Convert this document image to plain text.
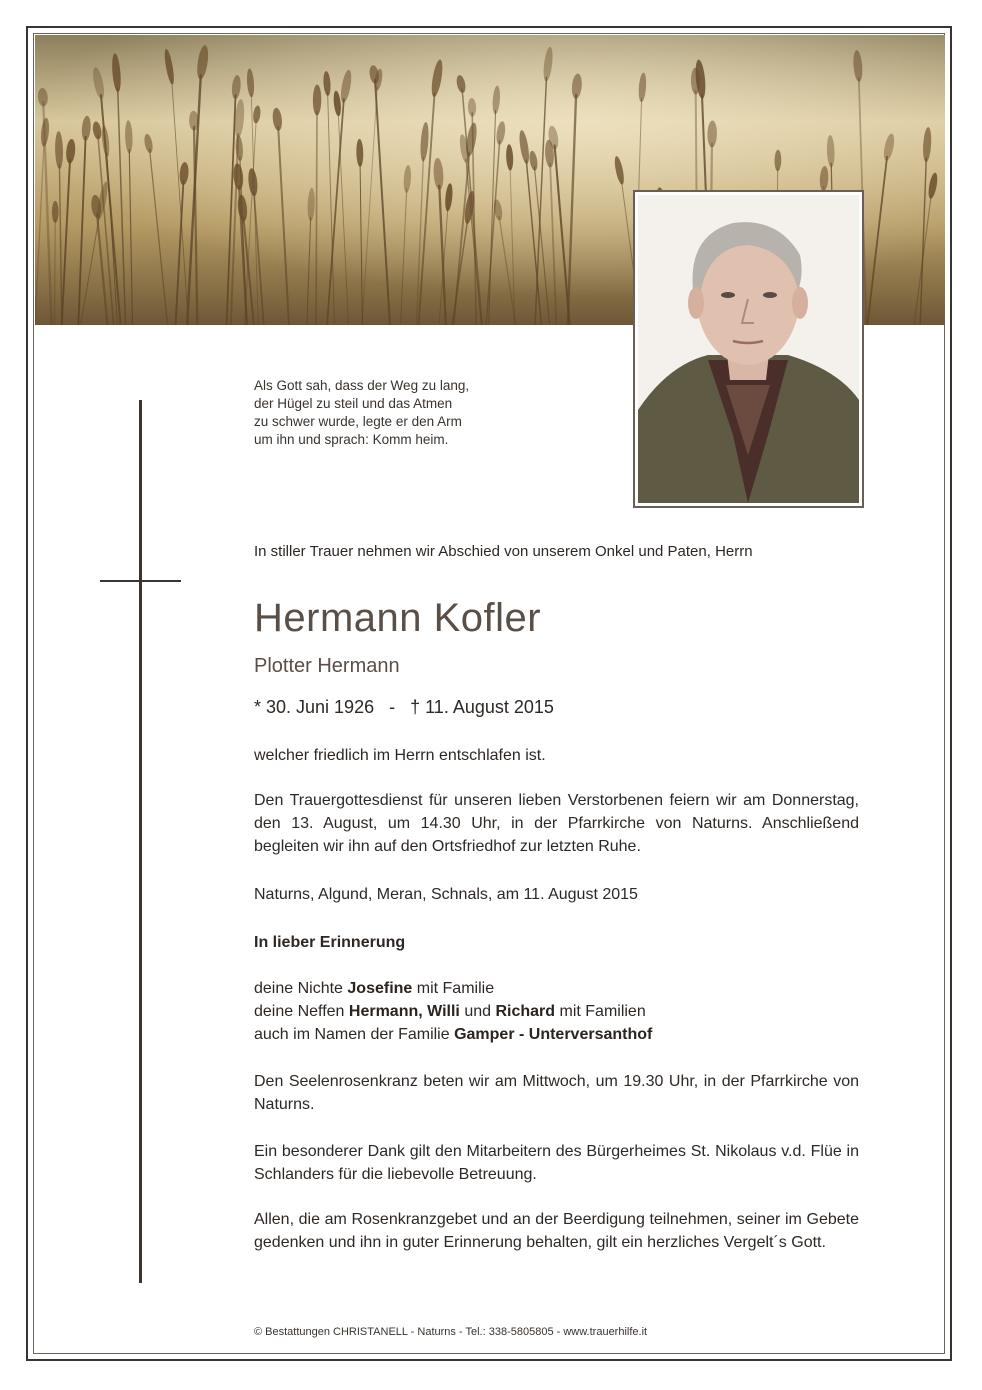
Als Gott sah, dass der Weg zu lang,
der Hügel zu steil und das Atmen
zu schwer wurde, legte er den Arm
um ihn und sprach: Komm heim.
In stiller Trauer nehmen wir Abschied von unserem Onkel und Paten, Herrn
Hermann Kofler
Plotter Hermann
* 30. Juni 1926 - † 11. August 2015
welcher friedlich im Herrn entschlafen ist.
Den Trauergottesdienst für unseren lieben Verstorbenen feiern wir am Donnerstag, den 13. August, um 14.30 Uhr, in der Pfarrkirche von Naturns. Anschließend begleiten wir ihn auf den Ortsfriedhof zur letzten Ruhe.
Naturns, Algund, Meran, Schnals, am 11. August 2015
In lieber Erinnerung
deine Nichte Josefine mit Familie
deine Neffen Hermann, Willi und Richard mit Familien
auch im Namen der Familie Gamper - Unterversanthof
Den Seelenrosenkranz beten wir am Mittwoch, um 19.30 Uhr, in der Pfarrkirche von Naturns.
Ein besonderer Dank gilt den Mitarbeitern des Bürgerheimes St. Nikolaus v.d. Flüe in Schlanders für die liebevolle Betreuung.
Allen, die am Rosenkranzgebet und an der Beerdigung teilnehmen, seiner im Gebete gedenken und ihn in guter Erinnerung behalten, gilt ein herzliches Vergelt´s Gott.
© Bestattungen CHRISTANELL - Naturns - Tel.: 338-5805805 - www.trauerhilfe.it
